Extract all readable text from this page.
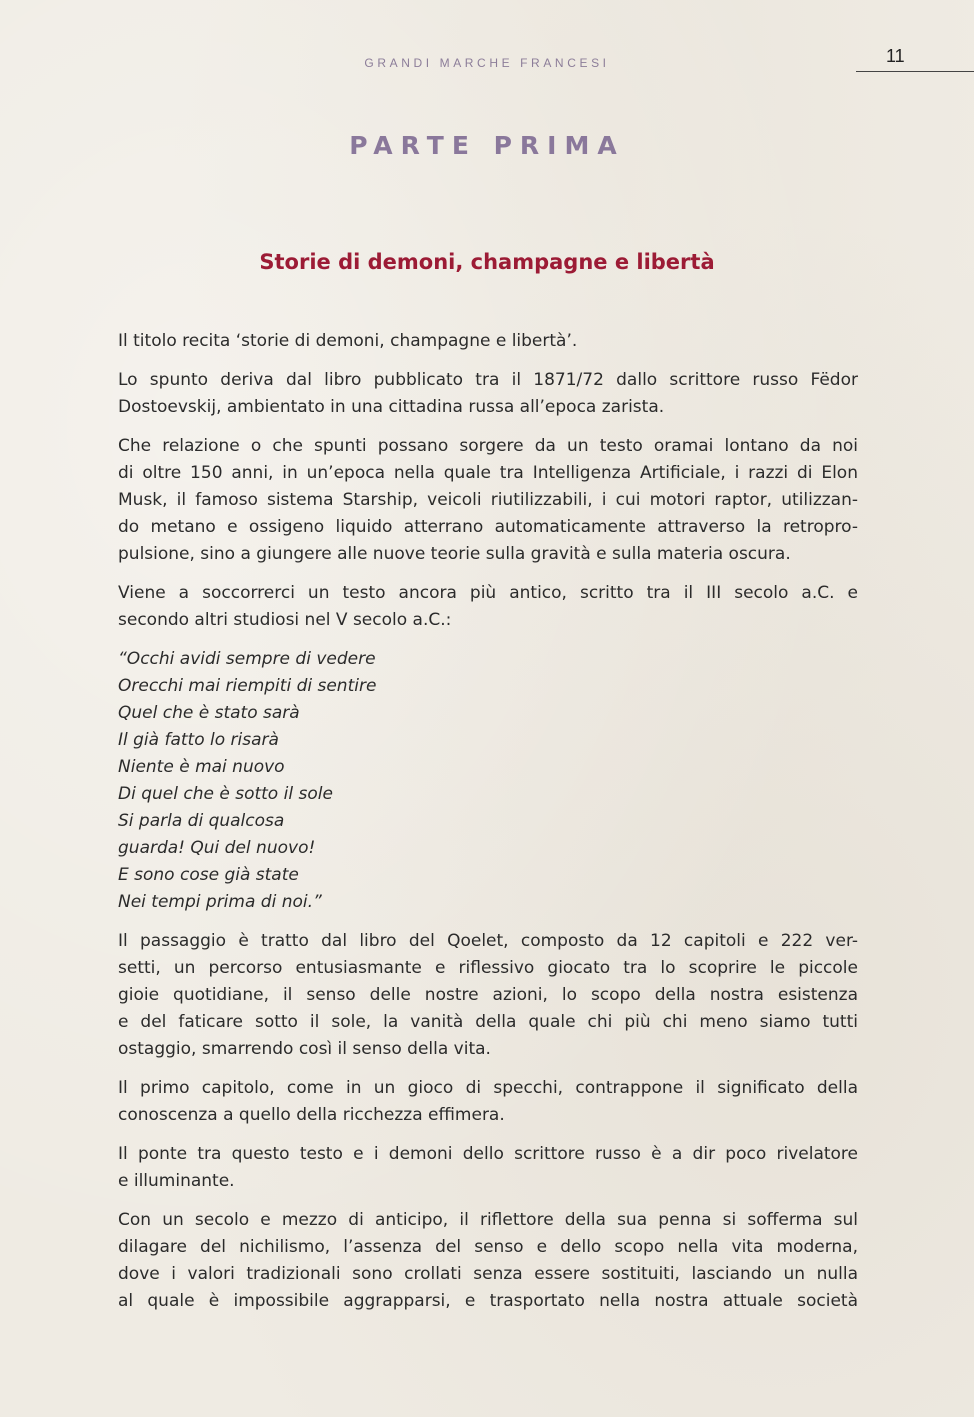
GRANDI MARCHE FRANCESI	11
PARTE PRIMA
Storie di demoni, champagne e libertà

Il titolo recita ‘storie di demoni, champagne e libertà’.

Lo spunto deriva dal libro pubblicato tra il 1871/72 dallo scrittore russo Fëdor
Dostoevskij, ambientato in una cittadina russa all’epoca zarista.

Che relazione o che spunti possano sorgere da un testo oramai lontano da noi
di oltre 150 anni, in un’epoca nella quale tra Intelligenza Artificiale, i razzi di Elon
Musk, il famoso sistema Starship, veicoli riutilizzabili, i cui motori raptor, utilizzan-
do metano e ossigeno liquido atterrano automaticamente attraverso la retropro-
pulsione, sino a giungere alle nuove teorie sulla gravità e sulla materia oscura.

Viene a soccorrerci un testo ancora più antico, scritto tra il III secolo a.C. e
secondo altri studiosi nel V secolo a.C.:

“Occhi avidi sempre di vedere
Orecchi mai riempiti di sentire
Quel che è stato sarà
Il già fatto lo risarà
Niente è mai nuovo
Di quel che è sotto il sole
Si parla di qualcosa
guarda! Qui del nuovo!
E sono cose già state
Nei tempi prima di noi.”

Il passaggio è tratto dal libro del Qoelet, composto da 12 capitoli e 222 ver-
setti, un percorso entusiasmante e riflessivo giocato tra lo scoprire le piccole
gioie quotidiane, il senso delle nostre azioni, lo scopo della nostra esistenza
e del faticare sotto il sole, la vanità della quale chi più chi meno siamo tutti
ostaggio, smarrendo così il senso della vita.

Il primo capitolo, come in un gioco di specchi, contrappone il significato della
conoscenza a quello della ricchezza effimera.

Il ponte tra questo testo e i demoni dello scrittore russo è a dir poco rivelatore
e illuminante.

Con un secolo e mezzo di anticipo, il riflettore della sua penna si sofferma sul
dilagare del nichilismo, l’assenza del senso e dello scopo nella vita moderna,
dove i valori tradizionali sono crollati senza essere sostituiti, lasciando un nulla
al quale è impossibile aggrapparsi, e trasportato nella nostra attuale società
